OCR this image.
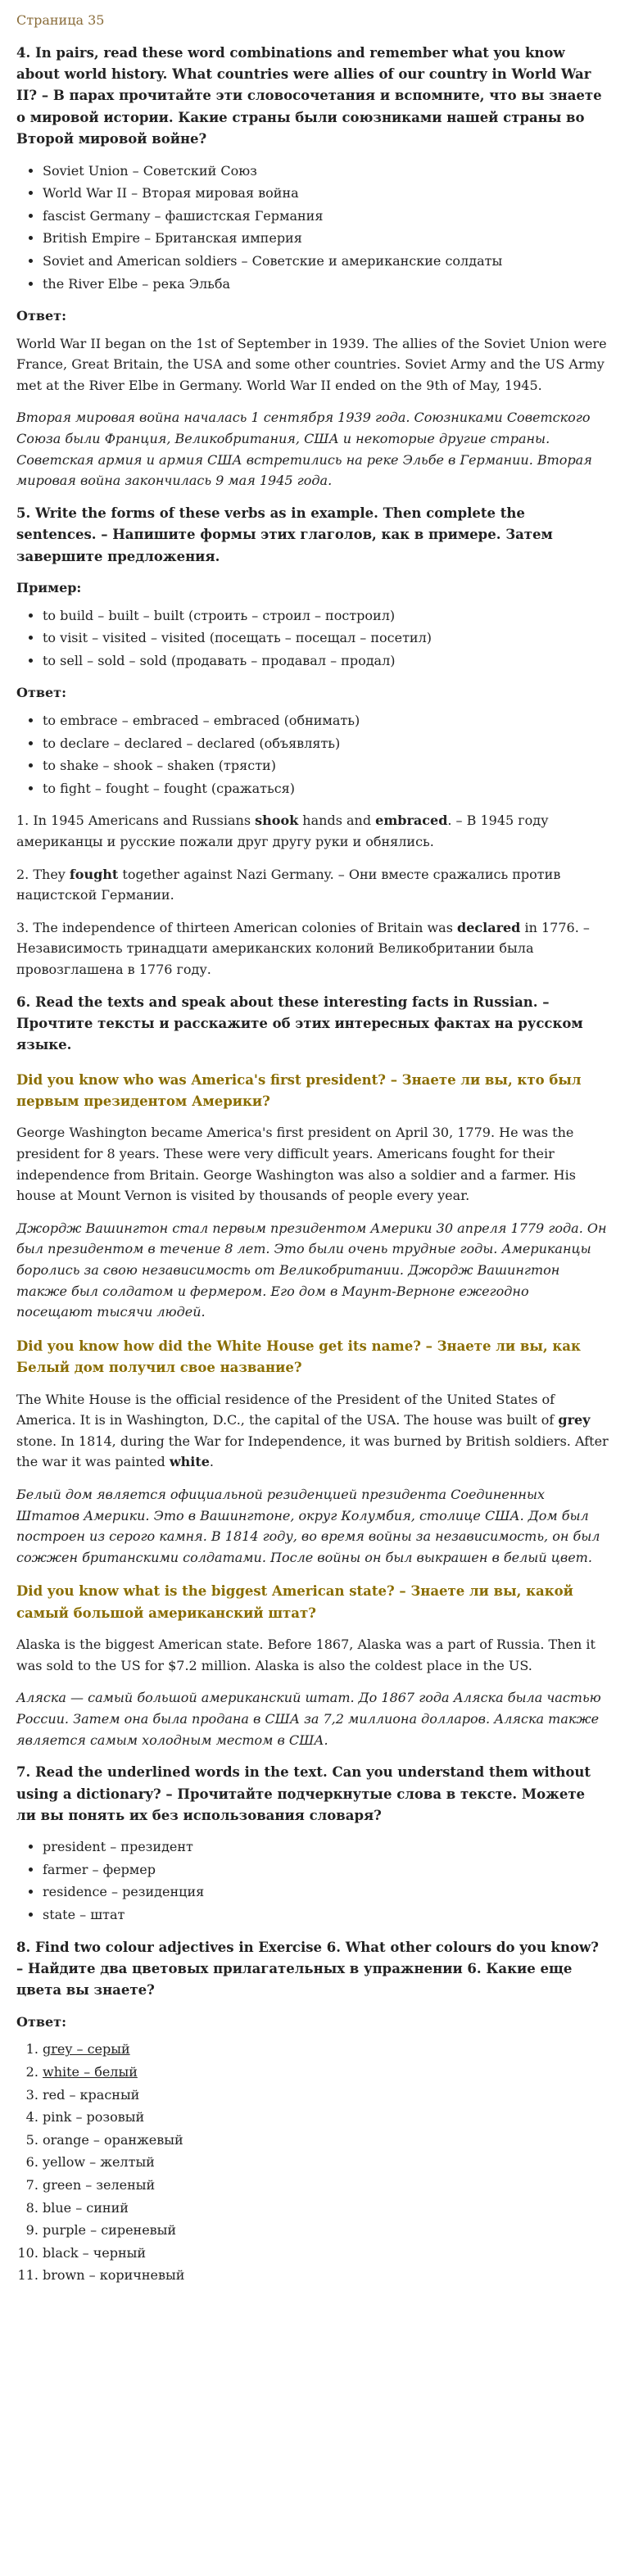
Страница 35
4. In pairs, read these word combinations and remember what you know about world history. What countries were allies of our country in World War II? – В парах прочитайте эти словосочетания и вспомните, что вы знаете о мировой истории. Какие страны были союзниками нашей страны во Второй мировой войне?
• Soviet Union – Советский Союз
• World War II – Вторая мировая война
• fascist Germany – фашистская Германия
• British Empire – Британская империя
• Soviet and American soldiers – Советские и американские солдаты
• the River Elbe – река Эльба
Ответ:

World War II began on the 1st of September in 1939. The allies of the Soviet Union were France, Great Britain, the USA and some other countries. Soviet Army and the US Army met at the River Elbe in Germany. World War II ended on the 9th of May, 1945.

Вторая мировая война началась 1 сентября 1939 года. Союзниками Советского Союза были Франция, Великобритания, США и некоторые другие страны. Советская армия и армия США встретились на реке Эльбе в Германии. Вторая мировая война закончилась 9 мая 1945 года.

5. Write the forms of these verbs as in example. Then complete the sentences. – Напишите формы этих глаголов, как в примере. Затем завершите предложения.
Пример:
• to build – built – built (строить – строил – построил)
• to visit – visited – visited (посещать – посещал – посетил)
• to sell – sold – sold (продавать – продавал – продал)
Ответ:
• to embrace – embraced – embraced (обнимать)
• to declare – declared – declared (объявлять)
• to shake – shook – shaken (трясти)
• to fight – fought – fought (сражаться)

1. In 1945 Americans and Russians shook hands and embraced. – В 1945 году американцы и русские пожали друг другу руки и обнялись.

2. They fought together against Nazi Germany. – Они вместе сражались против нацистской Германии.

3. The independence of thirteen American colonies of Britain was declared in 1776. – Независимость тринадцати американских колоний Великобритании была провозглашена в 1776 году.

6. Read the texts and speak about these interesting facts in Russian. – Прочтите тексты и расскажите об этих интересных фактах на русском языке.
Did you know who was America's first president? – Знаете ли вы, кто был первым президентом Америки?

George Washington became America's first president on April 30, 1779. He was the president for 8 years. These were very difficult years. Americans fought for their independence from Britain. George Washington was also a soldier and a farmer. His house at Mount Vernon is visited by thousands of people every year.

Джордж Вашингтон стал первым президентом Америки 30 апреля 1779 года. Он был президентом в течение 8 лет. Это были очень трудные годы. Американцы боролись за свою независимость от Великобритании. Джордж Вашингтон также был солдатом и фермером. Его дом в Маунт-Верноне ежегодно посещают тысячи людей.

Did you know how did the White House get its name? – Знаете ли вы, как Белый дом получил свое название?

The White House is the official residence of the President of the United States of America. It is in Washington, D.C., the capital of the USA. The house was built of grey stone. In 1814, during the War for Independence, it was burned by British soldiers. After the war it was painted white.

Белый дом является официальной резиденцией президента Соединенных Штатов Америки. Это в Вашингтоне, округ Колумбия, столице США. Дом был построен из серого камня. В 1814 году, во время войны за независимость, он был сожжен британскими солдатами. После войны он был выкрашен в белый цвет.

Did you know what is the biggest American state? – Знаете ли вы, какой самый большой американский штат?

Alaska is the biggest American state. Before 1867, Alaska was a part of Russia. Then it was sold to the US for $7.2 million. Alaska is also the coldest place in the US.

Аляска — самый большой американский штат. До 1867 года Аляска была частью России. Затем она была продана в США за 7,2 миллиона долларов. Аляска также является самым холодным местом в США.

7. Read the underlined words in the text. Can you understand them without using a dictionary? – Прочитайте подчеркнутые слова в тексте. Можете ли вы понять их без использования словаря?
• president – президент
• farmer – фермер
• residence – резиденция
• state – штат
8. Find two colour adjectives in Exercise 6. What other colours do you know? – Найдите два цветовых прилагательных в упражнении 6. Какие еще цвета вы знаете?
Ответ:
1. grey – серый
2. white – белый
3. red – красный
4. pink – розовый
5. orange – оранжевый
6. yellow – желтый
7. green – зеленый
8. blue – синий
9. purple – сиреневый
10. black – черный
11. brown – коричневый
